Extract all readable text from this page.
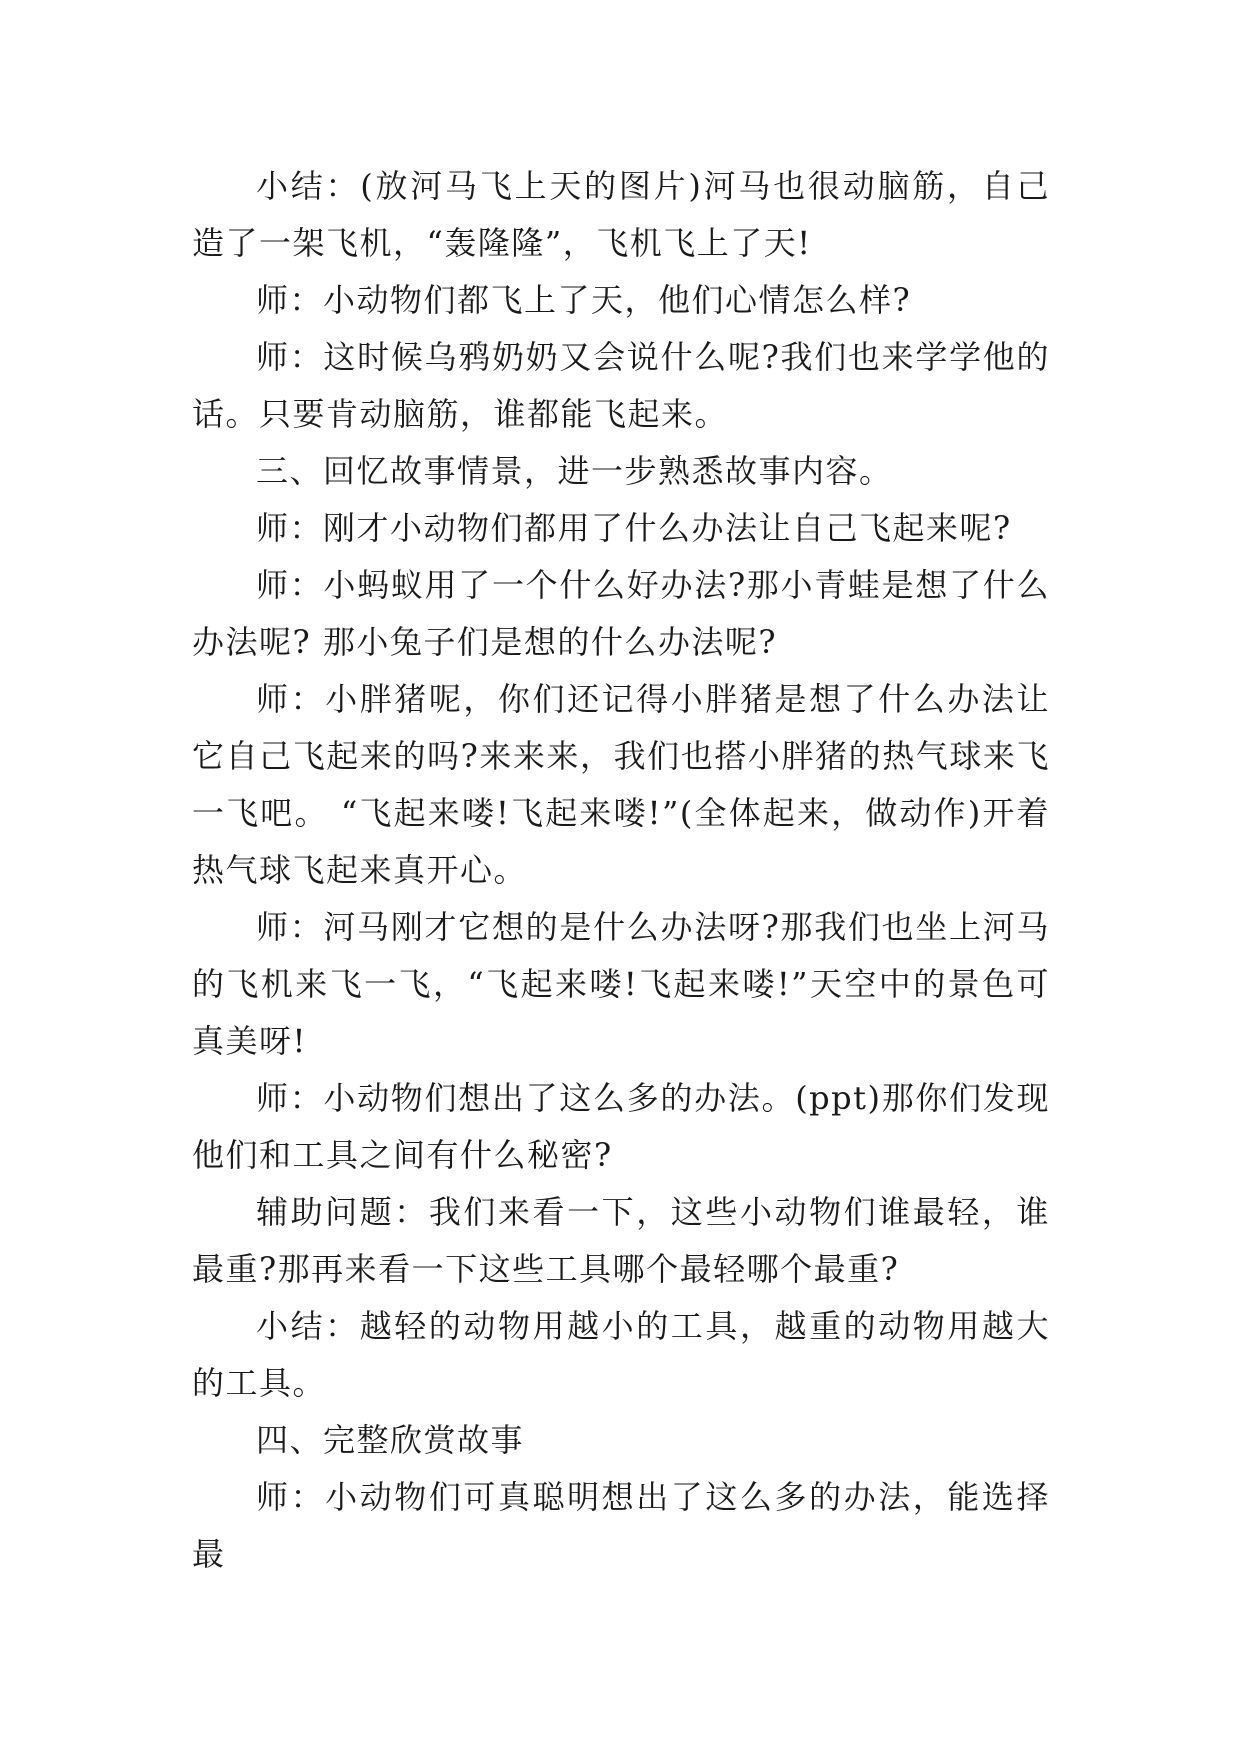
小结：(放河马飞上天的图片)河马也很动脑筋，自己造了一架飞机，“轰隆隆”，飞机飞上了天!

师：小动物们都飞上了天，他们心情怎么样?

师：这时候乌鸦奶奶又会说什么呢?我们也来学学他的话。只要肯动脑筋，谁都能飞起来。

三、回忆故事情景，进一步熟悉故事内容。

师：刚才小动物们都用了什么办法让自己飞起来呢?

师：小蚂蚁用了一个什么好办法?那小青蛙是想了什么办法呢? 那小兔子们是想的什么办法呢?

师：小胖猪呢，你们还记得小胖猪是想了什么办法让它自己飞起来的吗?来来来，我们也搭小胖猪的热气球来飞一飞吧。 “飞起来喽!飞起来喽!”(全体起来，做动作)开着热气球飞起来真开心。

师：河马刚才它想的是什么办法呀?那我们也坐上河马的飞机来飞一飞，“飞起来喽!飞起来喽!”天空中的景色可真美呀!

师：小动物们想出了这么多的办法。(ppt)那你们发现他们和工具之间有什么秘密?

辅助问题：我们来看一下，这些小动物们谁最轻，谁最重?那再来看一下这些工具哪个最轻哪个最重?

小结：越轻的动物用越小的工具，越重的动物用越大的工具。

四、完整欣赏故事

师：小动物们可真聪明想出了这么多的办法，能选择最
